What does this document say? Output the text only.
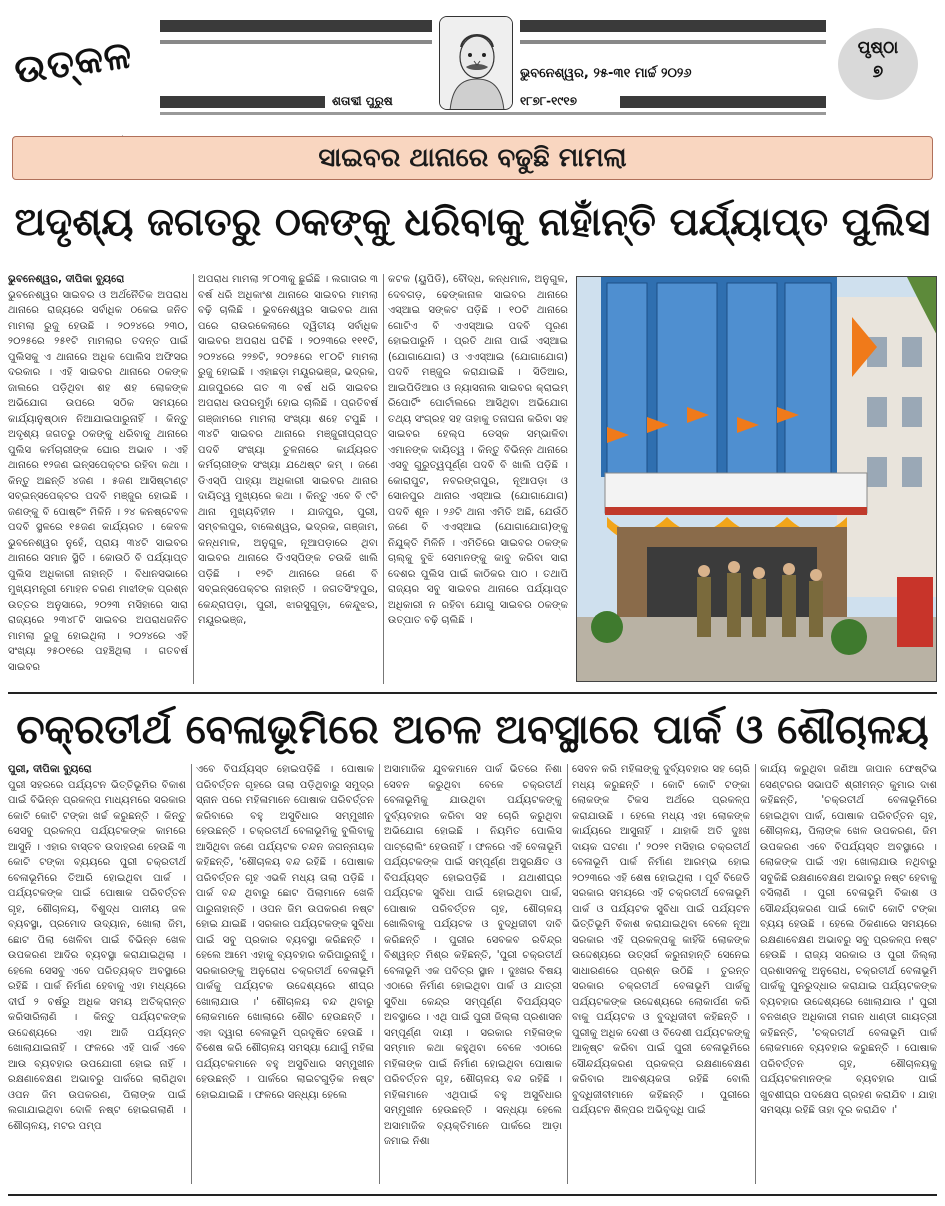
ଉତ୍କଳ	ଭୁବନେଶ୍ୱର, ୨୫-୩୧ ମାର୍ଚ୍ଚ ୨୦୨୬
ଶତାବ୍ଦୀ ପୁରୁଷ	୧୮୭୮-୧୯୧୭
ପୃଷ୍ଠା
୭
ସାଇବର ଥାନାରେ ବଢୁଛି ମାମଲା
ଅଦୃଶ୍ୟ ଜଗତରୁ ଠକଙ୍କୁ ଧରିବାକୁ ନାହାଁନ୍ତି ପର୍ଯ୍ୟାପ୍ତ ପୁଲିସ
ଭୁବନେଶ୍ୱର, ଦୀପିକା ବ୍ୟୁରୋ
ଭୁବନେଶ୍ୱର ସାଇବର ଓ ଅର୍ଥନୈତିକ ଅପରାଧ ଥାନାରେ ରାଜ୍ୟରେ ସର୍ବାଧିକ ଠକେଇ ଜନିତ ମାମଲା ରୁଜୁ ହେଉଛି । ୨୦୨୪ରେ ୨୩୦, ୨୦୨୫ରେ ୨୫୧ଟି ମାମଲାର ତଦନ୍ତ ପାଇଁ ପୁଲିସକୁ ଏ ଥାନାରେ ଅଧିକ ପୋଲିସ ଅଫିସର ଦରକାର । ଏହି ସାଇବର ଥାନାରେ ଠକଙ୍କ ଜାଲରେ ପଡ଼ିଥିବା ଶହ ଶହ ଲୋକଙ୍କ ଅଭିଯୋଗ ଉପରେ ସଠିକ ସମୟରେ କାର୍ଯ୍ୟାନୁଷ୍ଠାନ ନିଆଯାଇପାରୁନାହିଁ । କିନ୍ତୁ ଅଦୃଶ୍ୟ ଜଗତରୁ ଠକଙ୍କୁ ଧରିବାକୁ ଥାନାରେ ପୁଲିସ କର୍ମଚାରୀଙ୍କ ଘୋର ଅଭାବ । ଏହି ଥାନାରେ ୧୨ଜଣ ଇନ୍ସପେକ୍ଟର ରହିବା କଥା । କିନ୍ତୁ ଅଛନ୍ତି ୪ଜଣ । ୫ଜଣ ଆସିଷ୍ଟାଣ୍ଟ ସବ୍ଇନ୍ସପେକ୍ଟର ପଦବି ମଞ୍ଜୁର ହୋଇଛି । ଜଣଙ୍କୁ ବି ପୋଷ୍ଟିଂ ମିଳିନି । ୨୪ କନଷ୍ଟେବଳ ପଦବି ସ୍ଥଳରେ ୧୫ଜଣ କାର୍ଯ୍ୟରତ । କେବଳ ଭୁବନେଶ୍ୱର ନୁହେଁ, ପ୍ରାୟ ୩୪ଟି ସାଇବର ଥାନାରେ ସମାନ ସ୍ଥିତି । କୋଉଠି ବି ପର୍ଯ୍ୟାପ୍ତ ପୁଲିସ ଅଧିକାରୀ ନାହାନ୍ତି । ବିଧାନସଭାରେ ମୁଖ୍ୟମନ୍ତ୍ରୀ ମୋହନ ଚରଣ ମାଝୀଙ୍କ ପ୍ରଶ୍ନ ଉତ୍ତର ଅନୁସାରେ, ୨୦୨୩ ମସିହାରେ ସାରା ରାଜ୍ୟରେ ୨୩୪୮ଟି ସାଇବର ଅପରାଧଜନିତ ମାମଲା ରୁଜୁ ହୋଇଥିଲା । ୨୦୨୪ରେ ଏହି ସଂଖ୍ୟା ୨୫୦୧ରେ ପହଞ୍ଚିଥିଲା । ଗତବର୍ଷ ସାଇବର
ଅପରାଧ ମାମଲା ୨୮୦୩କୁ ଛୁଇଁଛି । ଲଗାତାର ୩ ବର୍ଷ ଧରି ଅଧିକାଂଶ ଥାନାରେ ସାଇବର ମାମଲା ବଢ଼ି ଚାଲିଛି । ଭୁବନେଶ୍ୱର ସାଇବର ଥାନା ପରେ ରାଉରକେଲାରେ ଦ୍ୱିତୀୟ ସର୍ବାଧିକ ସାଇବର ଅପରାଧ ଘଟିଛି । ୨୦୨୩ରେ ୧୧୧ଟି, ୨୦୨୪ରେ ୨୨୭ଟି, ୨୦୨୫ରେ ୧୮୦ଟି ମାମଲା ରୁଜୁ ହୋଇଛି । ଏହାଛଡ଼ା ମୟୂରଭଞ୍ଜ, ଭଦ୍ରକ, ଯାଜପୁରରେ ଗତ ୩ ବର୍ଷ ଧରି ସାଇବର ଅପରାଧ ଉପରମୁହାଁ ହୋଇ ଚାଲିଛି । ପ୍ରତିବର୍ଷ ଗଞ୍ଜାମରେ ମାମଲା ସଂଖ୍ୟା ଶହେ ଟପୁଛି । ୩୪ଟି ସାଇବର ଥାନାରେ ମଞ୍ଜୁରୀପ୍ରାପ୍ତ ପଦବି ସଂଖ୍ୟା ତୁଳନାରେ କାର୍ଯ୍ୟରତ କର୍ମଚାରୀଙ୍କ ସଂଖ୍ୟା ଯଥେଷ୍ଟ କମ୍ । ଜଣେ ଡିଏସ୍ପି ପାହ୍ୟା ଅଧିକାରୀ ସାଇବର ଥାନାର ଦାୟିତ୍ୱ ମୁଖ୍ୟରେ କଥା । କିନ୍ତୁ ଏବେ ବି ୯ଟି ଥାନା ମୁଖ୍ୟବିହୀନ । ଯାଜପୁର, ପୁରୀ, ସମ୍ବଲପୁର, ବାଲେଶ୍ୱର, ଭଦ୍ରକ, ଗଞ୍ଜାମ, କନ୍ଧମାଳ, ଅନୁଗୁଳ, ନୂଆପଡ଼ାରେ ଥିବା ସାଇବର ଥାନାରେ ଡିଏସ୍ପିଙ୍କ ଚଉକି ଖାଲି ପଡ଼ିଛି । ୧୨ଟି ଥାନାରେ ଜଣେ ବି ସବ୍ଇନ୍ସପେକ୍ଟର ନାହାନ୍ତି । ଜଗତସିଂହପୁର, କେନ୍ଦ୍ରାପଡ଼ା, ପୁରୀ, ଝାରସୁଗୁଡ଼ା, କେନ୍ଦୁଝର, ମୟୂରଭଞ୍ଜ,
କଟକ (ୟୁପିଡି), ବୌଦ୍ଧ, କନ୍ଧମାଳ, ଅନୁଗୁଳ, ଦେବଗଡ଼, ଢେଙ୍କାନାଳ ସାଇବର ଥାନାରେ ଏସ୍ଆଇ ସଙ୍କଟ ପଡ଼ିଛି । ୧୦ଟି ଥାନାରେ ଗୋଟିଏ ବି ଏଏସ୍ଆଇ ପଦବି ପୂରଣ ହୋଇପାରୁନି । ପ୍ରତି ଥାନା ପାଇଁ ଏସ୍ଆଇ (ଯୋଗାଯୋଗ) ଓ ଏଏସ୍ଆଇ (ଯୋଗାଯୋଗ) ପଦବି ମଞ୍ଜୁର କରାଯାଇଛି । ସିଡିଆର, ଆଇପିଡିଆର ଓ ନ୍ୟାସନାଲ ସାଇବର କ୍ରାଇମ୍ ରିପୋର୍ଟିଂ ପୋର୍ଟାଲରେ ଆସିଥିବା ଅଭିଯୋଗ ତଥ୍ୟ ସଂଗ୍ରହ ସହ ତାହାକୁ ତନାଘନା କରିବା ସହ ସାଇବର ହେଲ୍ପ ଡେସ୍କ ସମ୍ଭାଳିବା ଏମାନଙ୍କ ଦାୟିତ୍ୱ । କିନ୍ତୁ ବିଭିନ୍ନ ଥାନାରେ ଏସବୁ ଗୁରୁତ୍ୱପୂର୍ଣ୍ଣ ପଦବି ବି ଖାଲି ପଡ଼ିଛି । କୋରାପୁଟ, ନବରଙ୍ଗପୁର, ନୂଆପଡ଼ା ଓ ସୋନପୁର ଥାନାର ଏସ୍ଆଇ (ଯୋଗାଯୋଗ) ପଦବି ଶୂନ । ୨୬ଟି ଥାନା ଏମିତି ଅଛି, ଯେଉଁଠି ଜଣେ ବି ଏଏସ୍ଆଇ (ଯୋଗାଯୋଗ)ଙ୍କୁ ନିଯୁକ୍ତି ମିଳିନି । ଏମିତିରେ ସାଇବର ଠକଙ୍କ ଚାଲ୍କୁ ବୁଝି ସେମାନଙ୍କୁ କାବୁ କରିବା ସାରା ଦେଶର ପୁଲିସ ପାଇଁ କାଠିକର ପାଠ । ତଥାପି ରାଜ୍ୟର ସବୁ ସାଇବର ଥାନାରେ ପର୍ଯ୍ୟାପ୍ତ ଅଧିକାରୀ ନ ରହିବା ଯୋଗୁ ସାଇବର ଠକଙ୍କ ଉତ୍ପାତ ବଢ଼ି ଚାଲିଛି ।
ଚକ୍ରତୀର୍ଥ ବେଳାଭୂମିରେ ଅଚଳ ଅବସ୍ଥାରେ ପାର୍କ ଓ ଶୌଚାଳୟ
ପୁରୀ, ଦୀପିକା ବ୍ୟୁରୋ
ପୁରୀ ସହରରେ ପର୍ଯ୍ୟଟନ ଭିତ୍ତିଭୂମିର ବିକାଶ ପାଇଁ ବିଭିନ୍ନ ପ୍ରକଳ୍ପ ମାଧ୍ୟମରେ ସରକାର କୋଟି କୋଟି ଟଙ୍କା ଖର୍ଚ୍ଚ କରୁଛନ୍ତି । କିନ୍ତୁ ସେସବୁ ପ୍ରକଳ୍ପ ପର୍ଯ୍ୟଟକଙ୍କ କାମରେ ଆସୁନି । ଏହାର ବାସ୍ତବ ଉଦାହରଣ ହେଉଛି ୩ କୋଟି ଟଙ୍କା ବ୍ୟୟରେ ପୁରୀ ଚକ୍ରତୀର୍ଥ ବେଳାଭୂମିରେ ତିଆରି ହୋଇଥିବା ପାର୍କ । ପର୍ଯ୍ୟଟକଙ୍କ ପାଇଁ ପୋଷାକ ପରିବର୍ତ୍ତନ ଗୃହ, ଶୌଚାଳୟ, ବିଶୁଦ୍ଧ ପାନୀୟ ଜଳ ବ୍ୟବସ୍ଥା, ପ୍ରମୋଦ ଉଦ୍ୟାନ, ଖୋଲା ଜିମ, ଛୋଟ ପିଲା ଖେଳିବା ପାଇଁ ବିଭିନ୍ନ ଖେଳ ଉପକରଣ ଆଦିର ବ୍ୟବସ୍ଥା କରାଯାଇଥିଲା । ହେଲେ ସେସବୁ ଏବେ ପରିତ୍ୟକ୍ତ ଅବସ୍ଥାରେ ରହିଛି । ପାର୍କ ନିର୍ମାଣ ହେବାକୁ ଏହା ମଧ୍ୟରେ ଦୀର୍ଘ ୨ ବର୍ଷରୁ ଅଧିକ ସମୟ ଅତିକ୍ରାନ୍ତ କରିସାରିଲାଣି । କିନ୍ତୁ ପର୍ଯ୍ୟଟକଙ୍କ ଉଦ୍ଦେଶ୍ୟରେ ଏହା ଆଜି ପର୍ଯ୍ୟନ୍ତ ଖୋଲାଯାଇନାହିଁ । ଫଳରେ ଏହି ପାର୍କ ଏବେ ଆଉ ବ୍ୟବହାର ଉପଯୋଗୀ ହୋଇ ନାହିଁ । ରକ୍ଷଣାବେକ୍ଷଣ ଅଭାବରୁ ପାର୍କରେ ଲାଗିଥିବା ଓପନ ଜିମ ଉପକରଣ, ପିଲାଙ୍କ ପାଇଁ ଲଗାଯାଇଥିବା ଦୋଳି ନଷ୍ଟ ହୋଇଗଲାଣି । ଶୌଚାଳୟ, ମଟର ପମ୍ପ
ଏବେ ବିପର୍ଯ୍ୟସ୍ତ ହୋଇପଡ଼ିଛି । ପୋଷାକ ପରିବର୍ତ୍ତନ ଗୃହରେ ତାଲା ପଡ଼ିଥିବାରୁ ସମୁଦ୍ର ସ୍ନାନ ପରେ ମହିଳାମାନେ ପୋଷାକ ପରିବର୍ତ୍ତନ କରିବାରେ ବହୁ ଅସୁବିଧାର ସମ୍ମୁଖୀନ ହେଉଛନ୍ତି । ଚକ୍ରତୀର୍ଥ ବେଳାଭୂମିକୁ ବୁଲିବାକୁ ଆସିଥିବା ଜଣେ ପର୍ଯ୍ୟଟକ ଚନ୍ଦନ ଜଗନ୍ନାୟକ କହିଛନ୍ତି, 'ଶୌଚାଳୟ ବନ୍ଦ ରହିଛି । ପୋଷାକ ପରିବର୍ତ୍ତନ ଗୃହ ଏଭଳି ମଧ୍ୟ ତାଲା ପଡ଼ିଛି । ପାର୍କ ବନ୍ଦ ଥିବାରୁ ଛୋଟ ପିଲାମାନେ ଖେଳି ପାରୁନାହାନ୍ତି । ଓପନ ଜିମ ଉପକରଣ ନଷ୍ଟ ହୋଇ ଯାଇଛି । ସରକାର ପର୍ଯ୍ୟଟକଙ୍କ ସୁବିଧା ପାଇଁ ସବୁ ପ୍ରକାର ବ୍ୟବସ୍ଥା କରିଛନ୍ତି । ହେଲେ ଆମେ ଏହାକୁ ବ୍ୟବହାର କରିପାରୁନାହୁଁ । ସରକାରଙ୍କୁ ଅନୁରୋଧ ଚକ୍ରତୀର୍ଥ ବେଳାଭୂମି ପାର୍କକୁ ପର୍ଯ୍ୟଟକ ଉଦ୍ଦେଶ୍ୟରେ ଶୀଘ୍ର ଖୋଲାଯାଉ ।' ଶୌଚାଳୟ ବନ୍ଦ ଥିବାରୁ ଲୋକମାନେ ଖୋଲାରେ ଶୌଚ ହେଉଛନ୍ତି । ଏହା ଦ୍ୱାରା ବେଳାଭୂମି ପ୍ରଦୂଷିତ ହେଉଛି । ବିଶେଷ କରି ଶୌଚାଳୟ ସମସ୍ୟା ଯୋଗୁଁ ମହିଳା ପର୍ଯ୍ୟଟକମାନେ ବହୁ ଅସୁବିଧାର ସମ୍ମୁଖୀନ ହେଉଛନ୍ତି । ପାର୍କରେ ଲାଇଟଗୁଡ଼ିକ ନଷ୍ଟ ହୋଇଯାଇଛି । ଫଳରେ ସନ୍ଧ୍ୟା ହେଲେ
ଅସାମାଜିକ ଯୁବକମାନେ ପାର୍କ ଭିତରେ ନିଶା ସେବନ କରୁଥିବା ବେଳେ ଚକ୍ରତୀର୍ଥ ବେଳାଭୂମିକୁ ଯାଉଥିବା ପର୍ଯ୍ୟଟକଙ୍କୁ ଦୁର୍ବ୍ୟବହାର କରିବା ସହ ଚୋରି କରୁଥିବା ଅଭିଯୋଗ ହୋଇଛି । ନିୟମିତ ପୋଲିସ ପାଟ୍ରୋଲିଂ ହେଉନାହିଁ । ଫଳରେ ଏହି ବେଳାଭୂମି ପର୍ଯ୍ୟଟକଙ୍କ ପାଇଁ ସମ୍ପୂର୍ଣ୍ଣ ଅସୁରକ୍ଷିତ ଓ ବିପର୍ଯ୍ୟସ୍ତ ହୋଇପଡ଼ିଛି । ଯଥାଶୀଘ୍ର ପର୍ଯ୍ୟଟକ ସୁବିଧା ପାଇଁ ହୋଇଥିବା ପାର୍କ, ପୋଷାକ ପରିବର୍ତ୍ତନ ଗୃହ, ଶୌଚାଳୟ ଖୋଲିବାକୁ ପର୍ଯ୍ୟଟକ ଓ ବୁଦ୍ଧିଜୀବୀ ଦାବି କରିଛନ୍ତି । ପୁରୀର ସେବକବ ରବିନ୍ଦ୍ର ବିଶ୍ୱନ୍ତ ମିଶ୍ର କହିଛନ୍ତି, 'ପୁରୀ ଚକ୍ରତୀର୍ଥ ବେଳାଭୂମି ଏକ ପବିତ୍ର ସ୍ଥାନ । ଦୁଃଖର ବିଷୟ ଏଠାରେ ନିର୍ମାଣ ହୋଇଥିବା ପାର୍କ ଓ ଯାତ୍ରୀ ସୁବିଧା କେନ୍ଦ୍ର ସମ୍ପୂର୍ଣ୍ଣ ବିପର୍ଯ୍ୟସ୍ତ ଅବସ୍ଥାରେ । ଏଥି ପାଇଁ ପୁରୀ ଜିଲ୍ଲା ପ୍ରଶାସନ ସମ୍ପୂର୍ଣ୍ଣ ଦାୟୀ । ସରକାର ମହିଳାଙ୍କ ସମ୍ମାନ କଥା କହୁଥିବା ବେଳେ ଏଠାରେ ମହିଳାଙ୍କ ପାଇଁ ନିର୍ମାଣ ହୋଇଥିବା ପୋଷାକ ପରିବର୍ତ୍ତନ ଗୃହ, ଶୌଚାଳୟ ବନ୍ଦ ରହିଛି । ମହିଳାମାନେ ଏଥିପାଇଁ ବହୁ ଅସୁବିଧାର ସମ୍ମୁଖୀନ ହେଉଛନ୍ତି । ସନ୍ଧ୍ୟା ହେଲେ ଅସାମାଜିକ ବ୍ୟକ୍ତିମାନେ ପାର୍କରେ ଆଡ଼ା ଜମାଇ ନିଶା
ସେବନ କରି ମହିଳାଙ୍କୁ ଦୁର୍ବ୍ୟବହାର ସହ ଚୋରି ମଧ୍ୟ କରୁଛନ୍ତି । କୋଟି କୋଟି ଟଙ୍କା ଲୋକଙ୍କ ଟିକସ ଅର୍ଥରେ ପ୍ରକଳ୍ପ କରାଯାଉଛି । ହେଲେ ମଧ୍ୟ ଏହା ଲୋକଙ୍କ କାର୍ଯ୍ୟରେ ଆସୁନାହିଁ । ଯାହାକି ଅତି ଦୁଃଖ ଦାୟକ ଘଟଣା ।' ୨୦୨୧ ମସିହାର ଚକ୍ରତୀର୍ଥ ବେଳାଭୂମି ପାର୍କ ନିର୍ମାଣ ଆରମ୍ଭ ହୋଇ ୨୦୨୩ରେ ଏହି ଶେଷ ହୋଇଥିଲା । ପୂର୍ବ ବିଜେଡି ସରକାର ସମୟରେ ଏହି ଚକ୍ରତୀର୍ଥ ବେଳାଭୂମି ପାର୍କ ଓ ପର୍ଯ୍ୟଟକ ସୁବିଧା ପାଇଁ ପର୍ଯ୍ୟଟନ ଭିତ୍ତିଭୂମି ବିକାଶ କରାଯାଇଥିବା ବେଳେ ନୂଆ ସରକାର ଏହି ପ୍ରକଳ୍ପକୁ କାହିଁକି ଲୋକଙ୍କ ଉଦ୍ଦେଶ୍ୟରେ ଉତ୍ସର୍ଗ କରୁନାହାନ୍ତି ସେନେଇ ସାଧାରଣରେ ପ୍ରଶ୍ନ ଉଠିଛି । ତୁରନ୍ତ ସରକାର ଚକ୍ରତୀର୍ଥ ବେଳାଭୂମି ପାର୍କକୁ ପର୍ଯ୍ୟଟକଙ୍କ ଉଦ୍ଦେଶ୍ୟରେ ଲୋକାର୍ପଣ କରି ବାକୁ ପର୍ଯ୍ୟଟକ ଓ ବୁଦ୍ଧିଜୀବୀ କହିଛନ୍ତି । ପୁରୀକୁ ଅଧିକ ଦେଶୀ ଓ ବିଦେଶୀ ପର୍ଯ୍ୟଟକଙ୍କୁ ଆକୃଷ୍ଟ କରିବା ପାଇଁ ପୁରୀ ବେଳାଭୂମିରେ ସୌନ୍ଦର୍ଯ୍ୟକରଣ ପ୍ରକଳ୍ପ ରକ୍ଷଣାବେକ୍ଷଣ କରିବାର ଆବଶ୍ୟକତା ରହିଛି ବୋଲି ବୁଦ୍ଧିଜୀବୀମାନେ କହିଛନ୍ତି । ପୁରୀରେ ପର୍ଯ୍ୟଟନ ଶିଳ୍ପର ଅଭିବୃଦ୍ଧି ପାଇଁ
କାର୍ଯ୍ୟ କରୁଥିବା ଜଣିଆ ଜାପାନ ଫେଷ୍ଟିଭ ସେଣ୍ଟରର ସଭାପତି ଶ୍ରୀମନ୍ତ କୁମାର ଦାଶ କହିଛନ୍ତି, 'ଚକ୍ରତୀର୍ଥ ବେଳାଭୂମିରେ ହୋଇଥିବା ପାର୍କ, ପୋଷାକ ପରିବର୍ତ୍ତନ ଗୃହ, ଶୌଚାଳୟ, ପିଲାଙ୍କ ଖେଳ ଉପକରଣ, ଜିମ ଉପକରଣ ଏବେ ବିପର୍ଯ୍ୟସ୍ତ ଅବସ୍ଥାରେ । ଲୋକଙ୍କ ପାଇଁ ଏହା ଖୋଲାଯାଉ ନଥିବାରୁ ସବୁକିଛି ରକ୍ଷଣାବେକ୍ଷଣ ଅଭାବରୁ ନଷ୍ଟ ହେବାକୁ ବସିଲାଣି । ପୁରୀ ବେଳାଭୂମି ବିକାଶ ଓ ସୌନ୍ଦର୍ଯ୍ୟକରଣ ପାଇଁ କୋଟି କୋଟି ଟଙ୍କା ବ୍ୟୟ ହେଉଛି । ହେଲେ ଠିକଣାରେ ସମୟରେ ରକ୍ଷଣାବେକ୍ଷଣ ଅଭାବରୁ ସବୁ ପ୍ରକଳ୍ପ ନଷ୍ଟ ହେଉଛି । ରାଜ୍ୟ ସରକାର ଓ ପୁରୀ ଜିଲ୍ଲା ପ୍ରଶାସନକୁ ଅନୁରୋଧ, ଚକ୍ରତୀର୍ଥ ବେଳାଭୂମି ପାର୍କକୁ ପୁନରୁଦ୍ଧାର କରାଯାଇ ପର୍ଯ୍ୟଟକଙ୍କ ବ୍ୟବହାର ଉଦ୍ଦେଶ୍ୟରେ ଖୋଲାଯାଉ ।' ପୁରୀ ବନଖଣ୍ଡ ଅଧିକାରୀ ମଗନ ଧାଣ୍ଡୀ ଗାୟତ୍ରୀ କହିଛନ୍ତି, 'ଚକ୍ରତୀର୍ଥ ବେଳାଭୂମି ପାର୍କ ଲୋକମାନେ ବ୍ୟବହାର କରୁଛନ୍ତି । ପୋଷାକ ପରିବର୍ତ୍ତନ ଗୃହ, ଶୌଚାଳୟକୁ ପର୍ଯ୍ୟଟକମାନଙ୍କ ବ୍ୟବହାର ପାଇଁ ଖୁବଶୀଘ୍ର ପଦକ୍ଷେପ ଗ୍ରହଣ କରାଯିବ । ଯାହା ସମସ୍ୟା ରହିଛି ତାହା ଦୂର କରାଯିବ ।'
